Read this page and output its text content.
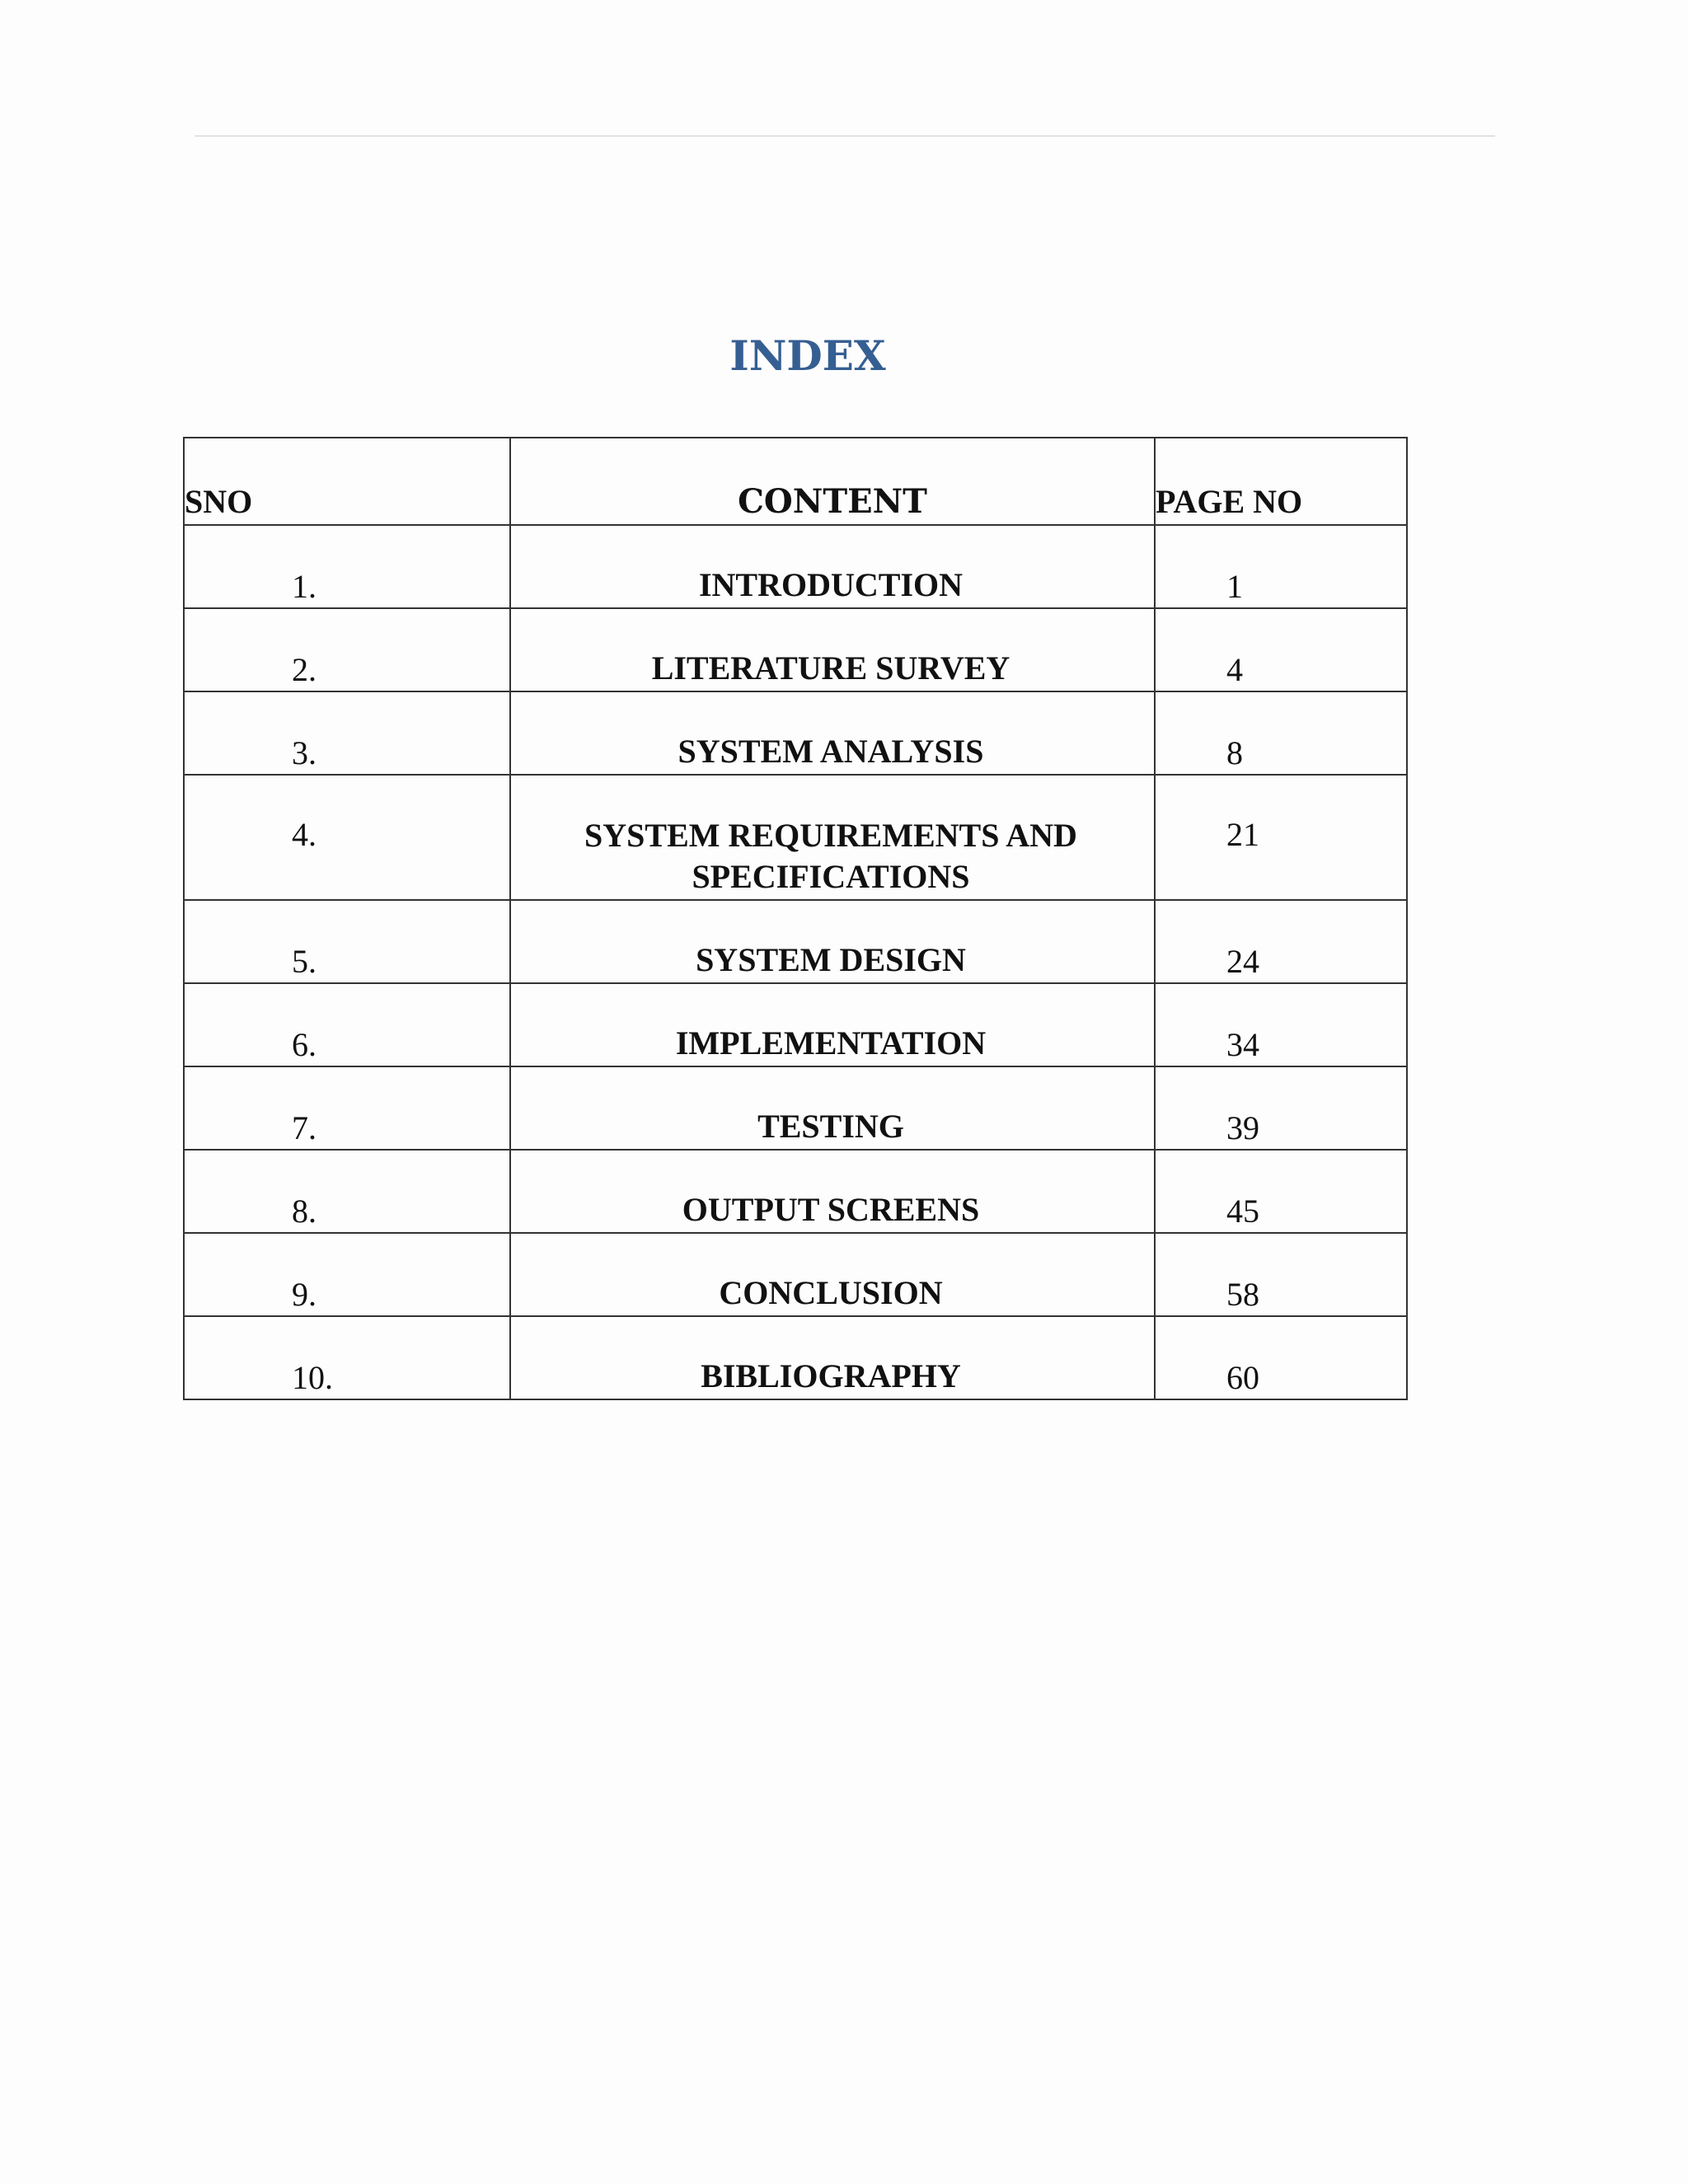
INDEX
SNO	CONTENT	PAGE NO
1.	INTRODUCTION	1
2.	LITERATURE SURVEY	4
3.	SYSTEM ANALYSIS	8
4.	SYSTEM REQUIREMENTS AND SPECIFICATIONS	21
5.	SYSTEM DESIGN	24
6.	IMPLEMENTATION	34
7.	TESTING	39
8.	OUTPUT SCREENS	45
9.	CONCLUSION	58
10.	BIBLIOGRAPHY	60
